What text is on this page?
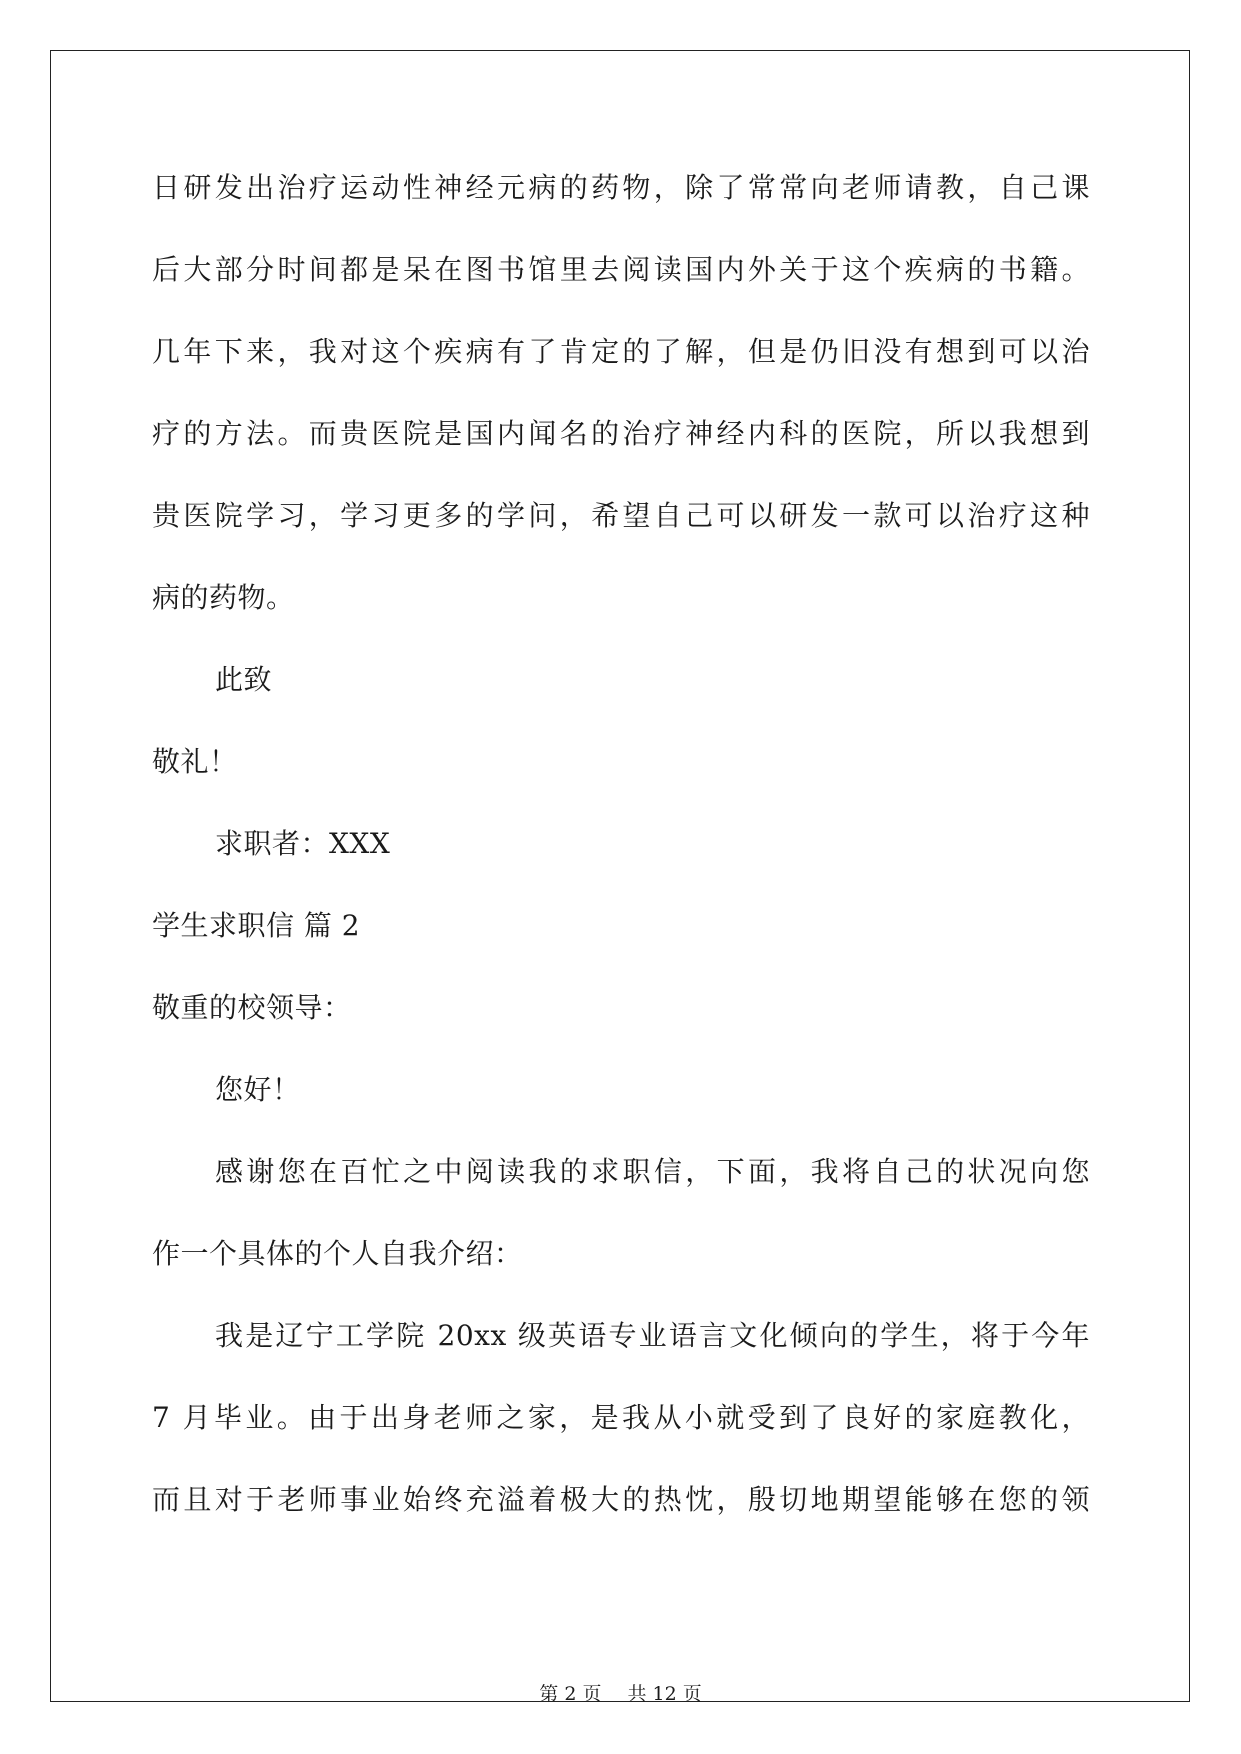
日研发出治疗运动性神经元病的药物，除了常常向老师请教，自己课
后大部分时间都是呆在图书馆里去阅读国内外关于这个疾病的书籍。
几年下来，我对这个疾病有了肯定的了解，但是仍旧没有想到可以治
疗的方法。而贵医院是国内闻名的治疗神经内科的医院，所以我想到
贵医院学习，学习更多的学问，希望自己可以研发一款可以治疗这种
病的药物。
此致
敬礼！
求职者：XXX
学生求职信 篇 2
敬重的校领导：
您好！
感谢您在百忙之中阅读我的求职信，下面，我将自己的状况向您
作一个具体的个人自我介绍：
我是辽宁工学院 20xx 级英语专业语言文化倾向的学生，将于今年
7 月毕业。由于出身老师之家，是我从小就受到了良好的家庭教化，
而且对于老师事业始终充溢着极大的热忱，殷切地期望能够在您的领
第 2 页 共 12 页
